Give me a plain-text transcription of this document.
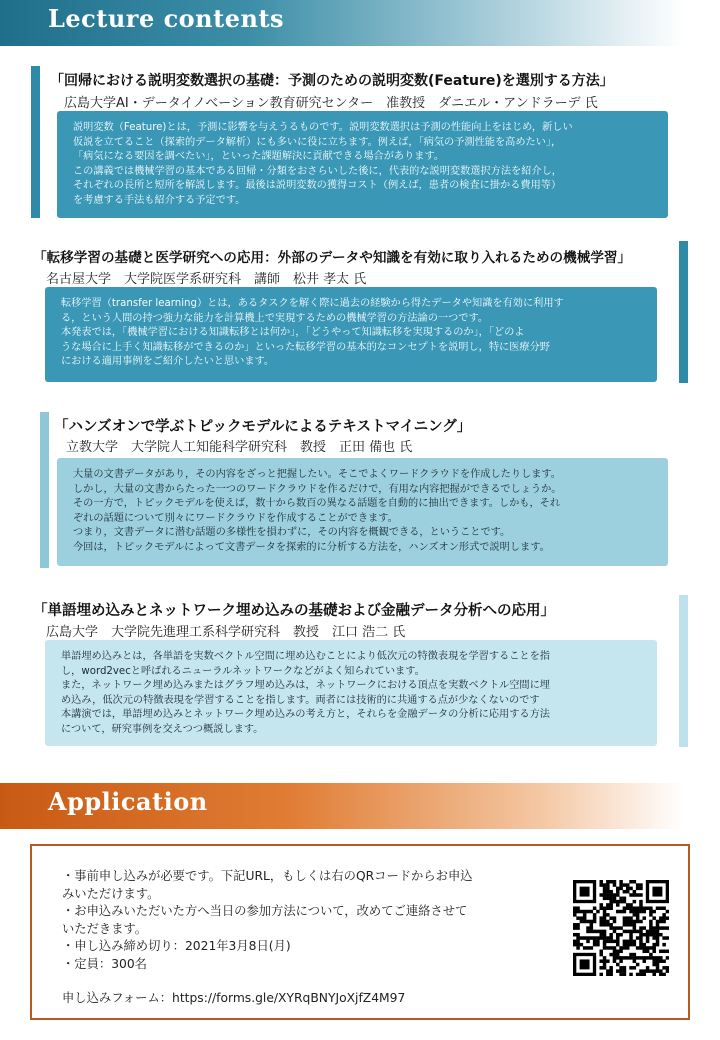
Lecture contents
「回帰における説明変数選択の基礎：予測のための説明変数(Feature)を選別する方法」
広島大学AI・データイノベーション教育研究センター　准教授　ダニエル・アンドラーデ 氏

説明変数（Feature)とは，予測に影響を与えうるものです。説明変数選択は予測の性能向上をはじめ，新しい

仮説を立てること（探索的データ解析）にも多いに役に立ちます。例えば，「病気の予測性能を高めたい」，

「病気になる要因を調べたい」，といった課題解決に貢献できる場合があります。

この講義では機械学習の基本である回帰・分類をおさらいした後に，代表的な説明変数選択方法を紹介し，

それぞれの長所と短所を解説します。最後は説明変数の獲得コスト（例えば，患者の検査に掛かる費用等）

を考慮する手法も紹介する予定です。

「転移学習の基礎と医学研究への応用：外部のデータや知識を有効に取り入れるための機械学習」
名古屋大学　大学院医学系研究科　講師　松井 孝太 氏

転移学習（transfer learning）とは，あるタスクを解く際に過去の経験から得たデータや知識を有効に利用す

る，という人間の持つ強力な能力を計算機上で実現するための機械学習の方法論の一つです。

本発表では，「機械学習における知識転移とは何か」，「どうやって知識転移を実現するのか」，「どのよ

うな場合に上手く知識転移ができるのか」といった転移学習の基本的なコンセプトを説明し，特に医療分野

における適用事例をご紹介したいと思います。

「ハンズオンで学ぶトピックモデルによるテキストマイニング」
立教大学　大学院人工知能科学研究科　教授　正田 備也 氏

大量の文書データがあり，その内容をざっと把握したい。そこでよくワードクラウドを作成したりします。

しかし，大量の文書からたった一つのワードクラウドを作るだけで，有用な内容把握ができるでしょうか。

その一方で，トピックモデルを使えば，数十から数百の異なる話題を自動的に抽出できます。しかも，それ

ぞれの話題について別々にワードクラウドを作成することができます。

つまり，文書データに潜む話題の多様性を損わずに，その内容を概観できる，ということです。

今回は，トピックモデルによって文書データを探索的に分析する方法を，ハンズオン形式で説明します。

「単語埋め込みとネットワーク埋め込みの基礎および金融データ分析への応用」
広島大学　大学院先進理工系科学研究科　教授　江口 浩二 氏

単語埋め込みとは，各単語を実数ベクトル空間に埋め込むことにより低次元の特徴表現を学習することを指

し，word2vecと呼ばれるニューラルネットワークなどがよく知られています。

また，ネットワーク埋め込みまたはグラフ埋め込みは，ネットワークにおける頂点を実数ベクトル空間に埋

め込み，低次元の特徴表現を学習することを指します。両者には技術的に共通する点が少なくないのです

本講演では，単語埋め込みとネットワーク埋め込みの考え方と，それらを金融データの分析に応用する方法

について，研究事例を交えつつ概説します。

Application
・事前申し込みが必要です。下記URL，もしくは右のQRコードからお申込
みいただけます。
・お申込みいただいた方へ当日の参加方法について，改めてご連絡させて
いただきます。
・申し込み締め切り：2021年3月8日(月)
・定員：300名
申し込みフォーム：https://forms.gle/XYRqBNYJoXjfZ4M97
